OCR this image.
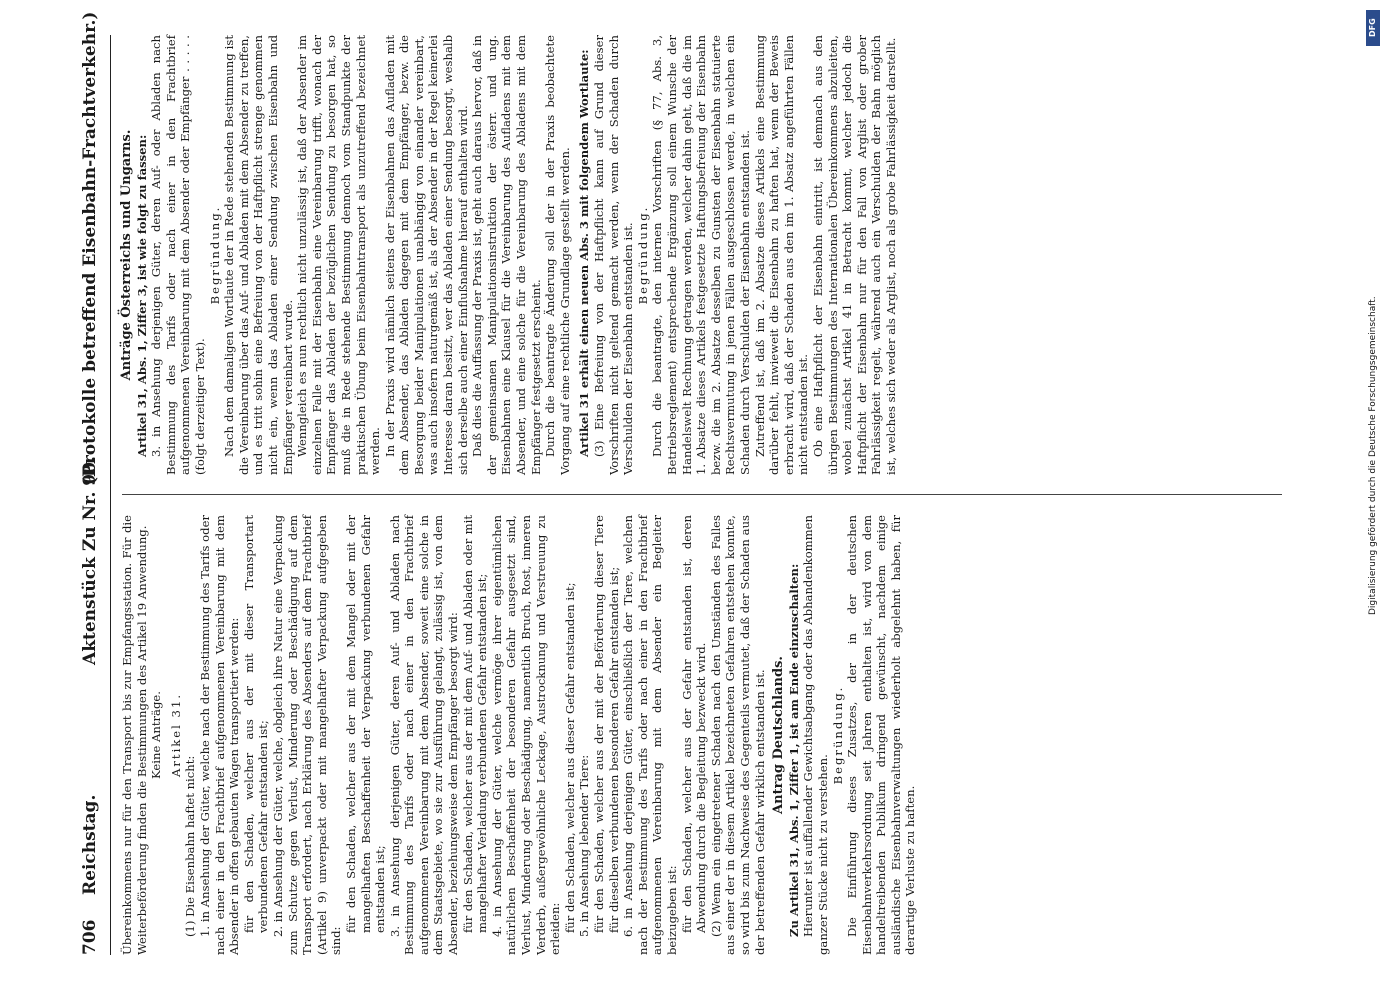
706
Reichstag.
Aktenstück Zu Nr. 90.
(Protokolle betreffend Eisenbahn-Frachtverkehr.)

Übereinkommens nur für den Transport bis zur Empfangsstation. Für die Weiterbeförderung finden die Bestimmungen des Artikel 19 Anwendung. Keine Anträge. Artikel 31.

(1) Die Eisenbahn haftet nicht: 1. in Ansehung der Güter, welche nach der Bestimmung des Tarifs oder nach einer in den Frachtbrief aufgenommenen Vereinbarung mit dem Absender in offen gebauten Wagen transportiert werden: für den Schaden, welcher aus der mit dieser Transportart verbundenen Gefahr entstanden ist; 2. in Ansehung der Güter, welche, obgleich ihre Natur eine Verpackung zum Schutze gegen Verlust, Minderung oder Beschädigung auf dem Transport erfordert, nach Erklärung des Absenders auf dem Frachtbrief (Artikel 9) unverpackt oder mit mangelhafter Verpackung aufgegeben sind:

für den Schaden, welcher aus der mit dem Mangel oder mit der mangelhaften Beschaffenheit der Verpackung verbundenen Gefahr entstanden ist; 3. in Ansehung derjenigen Güter, deren Auf- und Abladen nach Bestimmung des Tarifs oder nach einer in den Frachtbrief aufgenommenen Vereinbarung mit dem Absender, soweit eine solche in dem Staatsgebiete, wo sie zur Ausführung gelangt, zulässig ist, von dem Absender, beziehungsweise dem Empfänger besorgt wird: für den Schaden, welcher aus der mit dem Auf- und Abladen oder mit mangelhafter Verladung verbundenen Gefahr entstanden ist; 4. in Ansehung der Güter, welche vermöge ihrer eigentümlichen natürlichen Beschaffenheit der besonderen Gefahr ausgesetzt sind, Verlust, Minderung oder Beschädigung, namentlich Bruch, Rost, inneren Verderb, außergewöhnliche Leckage, Austrocknung und Verstreuung zu erleiden: für den Schaden, welcher aus dieser Gefahr entstanden ist; 5. in Ansehung lebender Tiere: für den Schaden, welcher aus der mit der Beförderung dieser Tiere für dieselben verbundenen besonderen Gefahr entstanden ist; 6. in Ansehung derjenigen Güter, einschließlich der Tiere, welchen nach der Bestimmung des Tarifs oder nach einer in den Frachtbrief aufgenommenen Vereinbarung mit dem Absender ein Begleiter beizugeben ist: für den Schaden, welcher aus der Gefahr entstanden ist, deren Abwendung durch die Begleitung bezweckt wird. (2) Wenn ein eingetretener Schaden nach den Umständen des Falles aus einer der in diesem Artikel bezeichneten Gefahren entstehen konnte, so wird bis zum Nachweise des Gegenteils vermutet, daß der Schaden aus der betreffenden Gefahr wirklich entstanden ist. Antrag Deutschlands. Zu Artikel 31, Abs. 1, Ziffer 1, ist am Ende einzuschalten: Hierunter ist auffallender Gewichtsabgang oder das Abhandenkommen ganzer Stücke nicht zu verstehen.

Begründung. Die Einführung dieses Zusatzes, der in der deutschen Eisenbahnverkehrsordnung seit Jahren enthalten ist, wird von dem handeltreibenden Publikum dringend gewünscht, nachdem einige ausländische Eisenbahnverwaltungen wiederholt abgelehnt haben, für derartige Verluste zu haften.

Anträge Österreichs und Ungarns. Artikel 31, Abs. 1, Ziffer 3, ist wie folgt zu fassen: 3. in Ansehung derjenigen Güter, deren Auf- oder Abladen nach Bestimmung des Tarifs oder nach einer in den Frachtbrief aufgenommenen Vereinbarung mit dem Absender oder Empfänger . . . . . (folgt derzeitiger Text).

Begründung. Nach dem damaligen Wortlaute der in Rede stehenden Bestimmung ist die Vereinbarung über das Auf- und Abladen mit dem Absender zu treffen, und es tritt sohin eine Befreiung von der Haftpflicht strenge genommen nicht ein, wenn das Abladen einer Sendung zwischen Eisenbahn und Empfänger vereinbart wurde. Wenngleich es nun rechtlich nicht unzulässig ist, daß der Absender im einzelnen Falle mit der Eisenbahn eine Vereinbarung trifft, wonach der Empfänger das Abladen der bezüglichen Sendung zu besorgen hat, so muß die in Rede stehende Bestimmung dennoch vom Standpunkte der praktischen Übung beim Eisenbahntransport als unzutreffend bezeichnet werden. In der Praxis wird nämlich seitens der Eisenbahnen das Aufladen mit dem Absender, das Abladen dagegen mit dem Empfänger, bezw. die Besorgung beider Manipulationen unabhängig von einander vereinbart, was auch insofern naturgemäß ist, als der Absender in der Regel keinerlei Interesse daran besitzt, wer das Abladen einer Sendung besorgt, weshalb sich derselbe auch einer Einflußnahme hierauf enthalten wird. Daß dies die Auffassung der Praxis ist, geht auch daraus hervor, daß in der gemeinsamen Manipulationsinstruktion der österr. und ung. Eisenbahnen eine Klausel für die Vereinbarung des Aufladens mit dem Absender, und eine solche für die Vereinbarung des Abladens mit dem Empfänger festgesetzt erscheint. Durch die beantragte Änderung soll der in der Praxis beobachtete Vorgang auf eine rechtliche Grundlage gestellt werden. Artikel 31 erhält einen neuen Abs. 3 mit folgendem Wortlaute: (3) Eine Befreiung von der Haftpflicht kann auf Grund dieser Vorschriften nicht geltend gemacht werden, wenn der Schaden durch Verschulden der Eisenbahn entstanden ist. Begründung. Durch die beantragte, den internen Vorschriften (§ 77, Abs. 3, Betriebsreglement) entsprechende Ergänzung soll einem Wunsche der Handelswelt Rechnung getragen werden, welcher dahin geht, daß die im 1. Absatze dieses Artikels festgesetzte Haftungsbefreiung der Eisenbahn bezw. die im 2. Absatze desselben zu Gunsten der Eisenbahn statuierte Rechtsvermutung in jenen Fällen ausgeschlossen werde, in welchen ein Schaden durch Verschulden der Eisenbahn entstanden ist. Zutreffend ist, daß im 2. Absatze dieses Artikels eine Bestimmung darüber fehlt, inwieweit die Eisenbahn zu haften hat, wenn der Beweis erbracht wird, daß der Schaden aus den im 1. Absatz angeführten Fällen nicht entstanden ist. Ob eine Haftpflicht der Eisenbahn eintritt, ist demnach aus den übrigen Bestimmungen des Internationalen Übereinkommens abzuleiten, wobei zunächst Artikel 41 in Betracht kommt, welcher jedoch die Haftpflicht der Eisenbahn nur für den Fall von Arglist oder grober Fahrlässigkeit regelt, während auch ein Verschulden der Bahn möglich ist, welches sich weder als Arglist, noch als grobe Fahrlässigkeit darstellt.

DFG
Digitalisierung gefördert durch die Deutsche Forschungsgemeinschaft.
